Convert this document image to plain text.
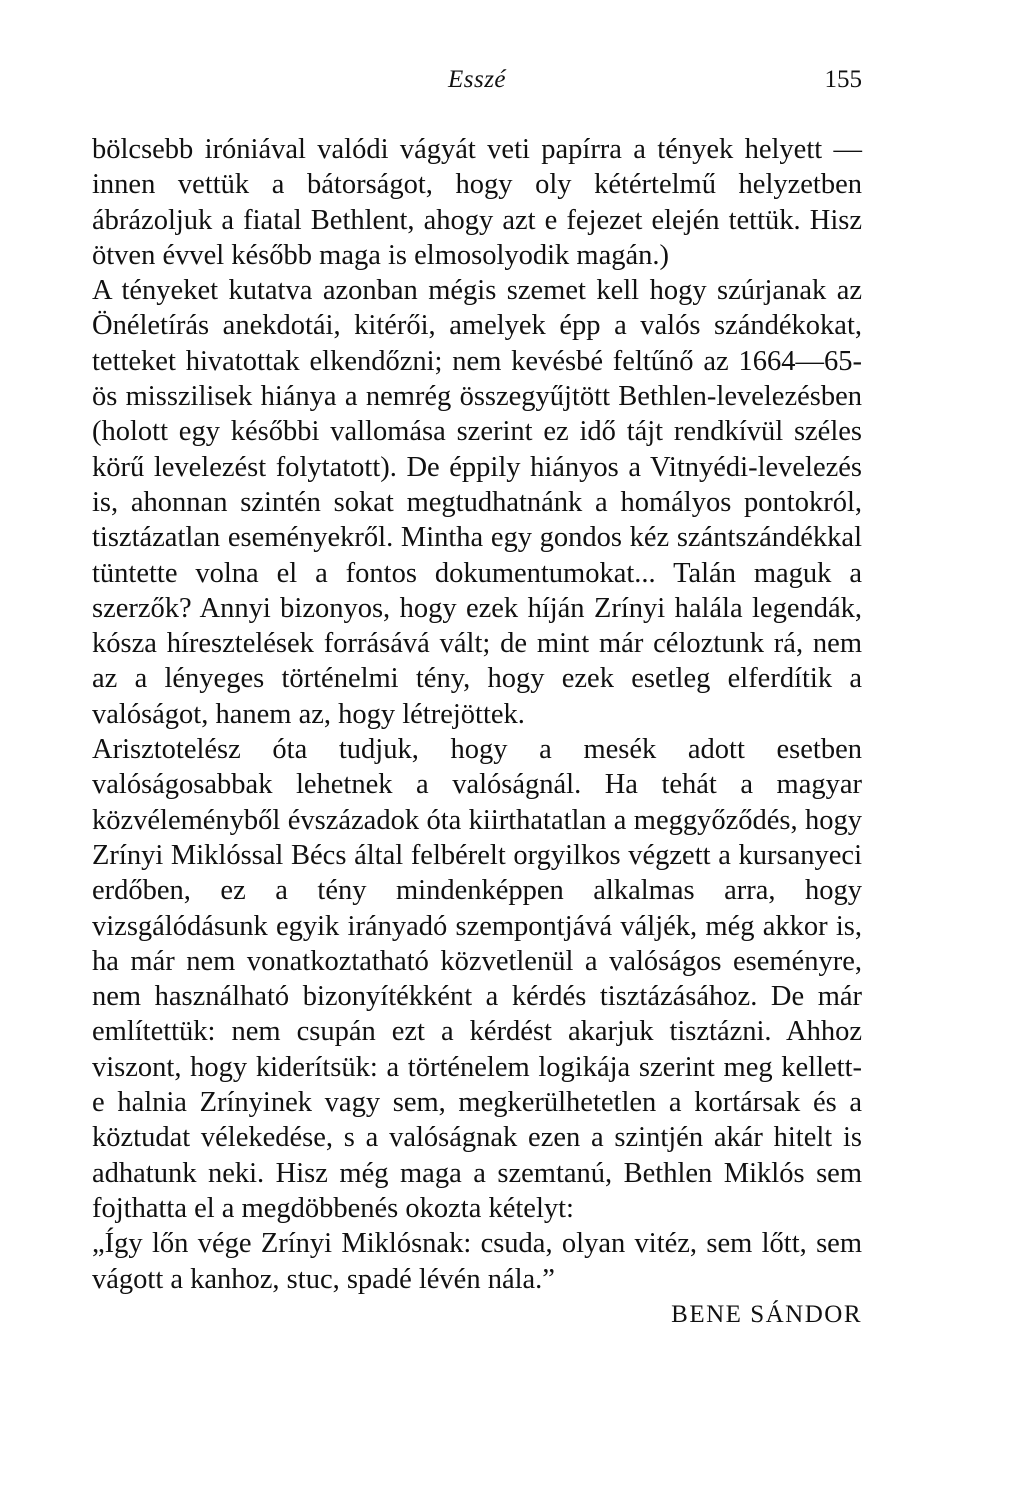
Esszé	155

bölcsebb iróniával valódi vágyát veti papírra a tények helyett — innen vettük a bátorságot, hogy oly kétértelmű helyzetben ábrázoljuk a fiatal Bethlent, ahogy azt e fejezet elején tettük. Hisz ötven évvel később maga is elmosolyodik magán.)

A tényeket kutatva azonban mégis szemet kell hogy szúrjanak az Önéletírás anekdotái, kitérői, amelyek épp a valós szándékokat, tetteket hivatottak elkendőzni; nem kevésbé feltűnő az 1664—65-ös misszilisek hiánya a nemrég összegyűjtött Bethlen-levelezésben (holott egy későbbi vallomása szerint ez idő tájt rendkívül széles körű levelezést folytatott). De éppily hiányos a Vitnyédi-levelezés is, ahonnan szintén sokat megtudhatnánk a homályos pontokról, tisztázatlan eseményekről. Mintha egy gondos kéz szántszándékkal tüntette volna el a fontos dokumentumokat... Talán maguk a szerzők? Annyi bizonyos, hogy ezek híján Zrínyi halála legendák, kósza híresztelések forrásává vált; de mint már céloztunk rá, nem az a lényeges történelmi tény, hogy ezek esetleg elferdítik a valóságot, hanem az, hogy létrejöttek.

Arisztotelész óta tudjuk, hogy a mesék adott esetben valóságosabbak lehetnek a valóságnál. Ha tehát a magyar közvéleményből évszázadok óta kiirthatatlan a meggyőződés, hogy Zrínyi Miklóssal Bécs által felbérelt orgyilkos végzett a kursanyeci erdőben, ez a tény mindenképpen alkalmas arra, hogy vizsgálódásunk egyik irányadó szempontjává váljék, még akkor is, ha már nem vonatkoztatható közvetlenül a valóságos eseményre, nem használható bizonyítékként a kérdés tisztázásához. De már említettük: nem csupán ezt a kérdést akarjuk tisztázni. Ahhoz viszont, hogy kiderítsük: a történelem logikája szerint meg kellett-e halnia Zrínyinek vagy sem, megkerülhetetlen a kortársak és a köztudat vélekedése, s a valóságnak ezen a szintjén akár hitelt is adhatunk neki. Hisz még maga a szemtanú, Bethlen Miklós sem fojthatta el a megdöbbenés okozta kételyt:

„Így lőn vége Zrínyi Miklósnak: csuda, olyan vitéz, sem lőtt, sem vágott a kanhoz, stuc, spadé lévén nála.”

BENE SÁNDOR
